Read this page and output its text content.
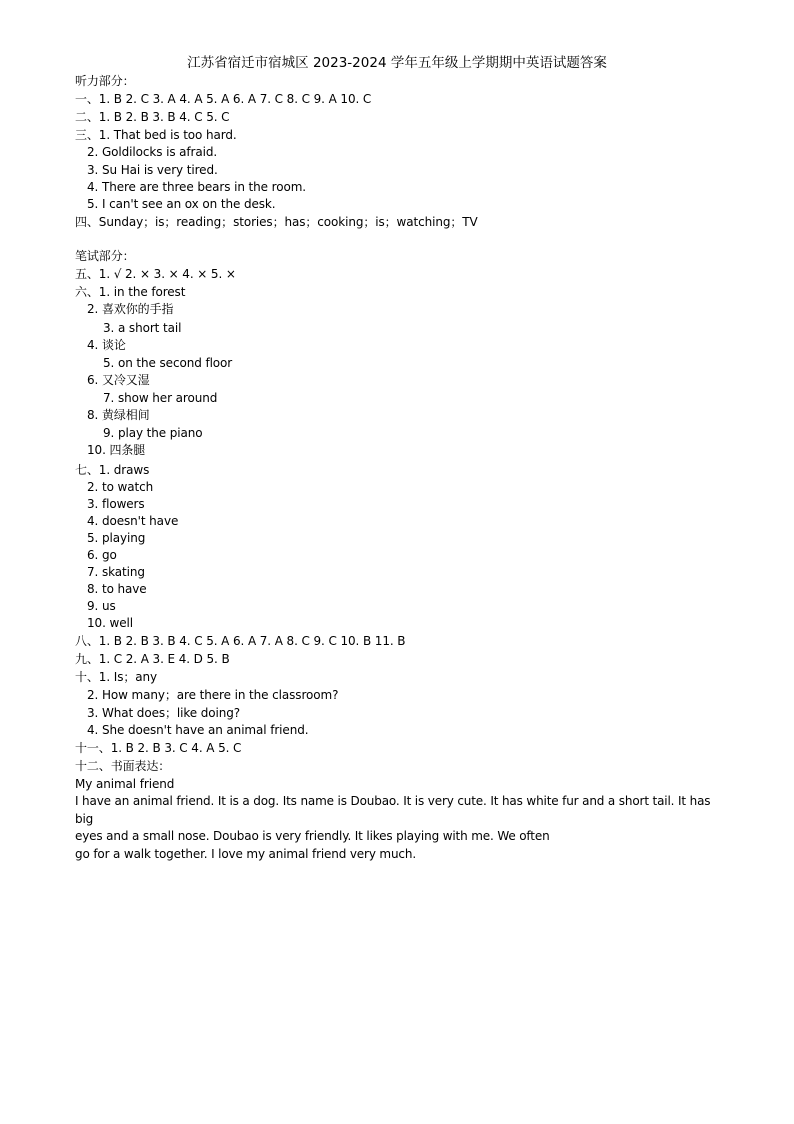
江苏省宿迁市宿城区 2023-2024 学年五年级上学期期中英语试题答案
听力部分：
一、1. B 2. C 3. A 4. A 5. A 6. A 7. C 8. C 9. A 10. C
二、1. B 2. B 3. B 4. C 5. C
三、1. That bed is too hard.
2. Goldilocks is afraid.
3. Su Hai is very tired.
4. There are three bears in the room.
5. I can't see an ox on the desk.
四、Sunday；is；reading；stories；has；cooking；is；watching；TV
笔试部分：
五、1. √ 2. × 3. × 4. × 5. ×
六、1. in the forest
2. 喜欢你的手指
3. a short tail
4. 谈论
5. on the second floor
6. 又冷又湿
7. show her around
8. 黄绿相间
9. play the piano
10. 四条腿
七、1. draws
2. to watch
3. flowers
4. doesn't have
5. playing
6. go
7. skating
8. to have
9. us
10. well
八、1. B 2. B 3. B 4. C 5. A 6. A 7. A 8. C 9. C 10. B 11. B
九、1. C 2. A 3. E 4. D 5. B
十、1. Is；any
2. How many；are there in the classroom?
3. What does；like doing?
4. She doesn't have an animal friend.
十一、1. B 2. B 3. C 4. A 5. C
十二、书面表达：
My animal friend
I have an animal friend. It is a dog. Its name is Doubao. It is very cute. It has white fur and a short tail. It has big
eyes and a small nose. Doubao is very friendly. It likes playing with me. We often
go for a walk together. I love my animal friend very much.
